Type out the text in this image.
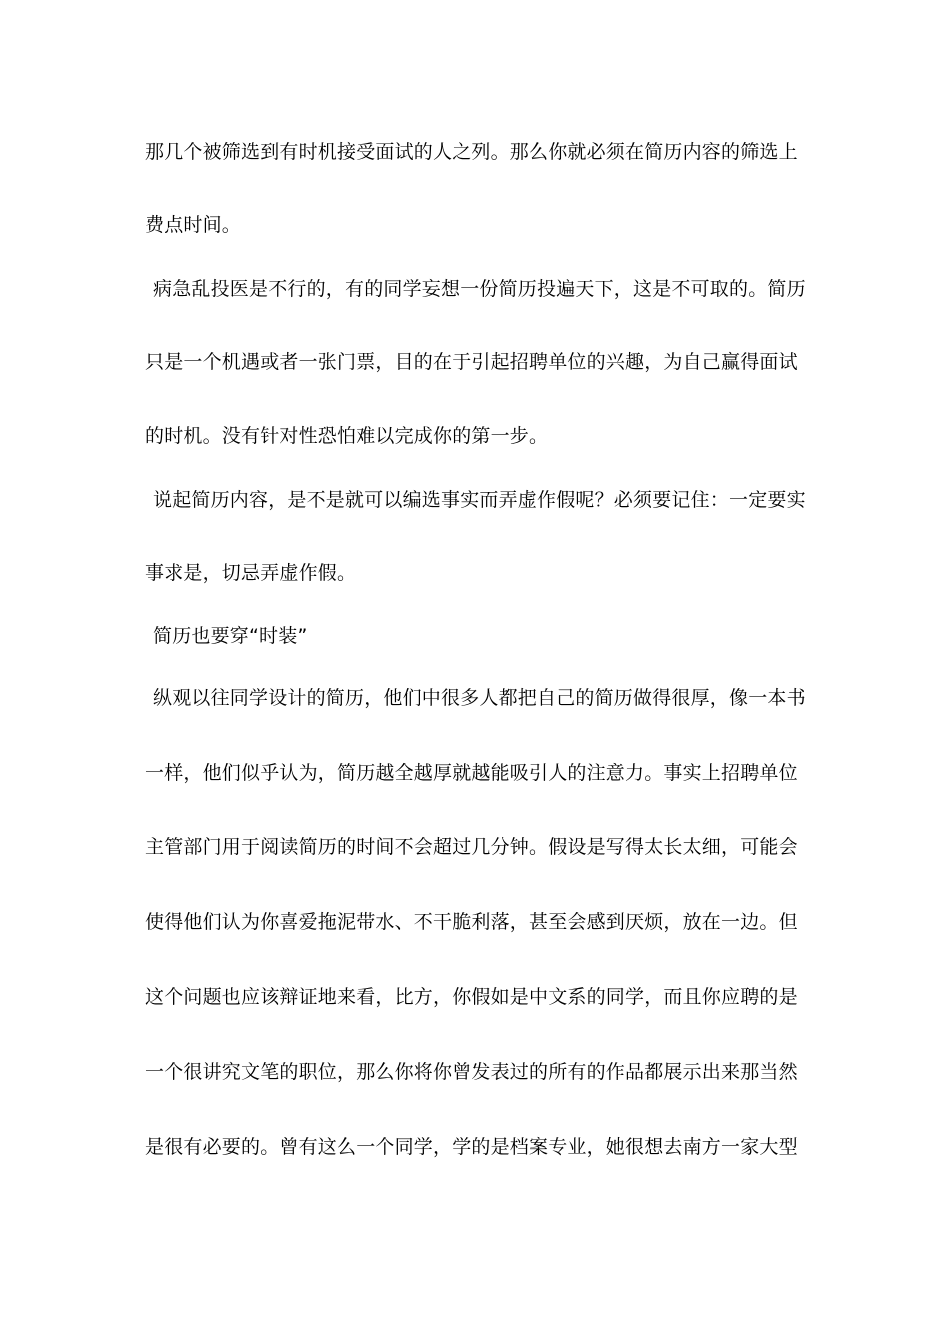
那几个被筛选到有时机接受面试的人之列。那么你就必须在简历内容的筛选上
费点时间。
病急乱投医是不行的，有的同学妄想一份简历投遍天下，这是不可取的。简历
只是一个机遇或者一张门票，目的在于引起招聘单位的兴趣，为自己赢得面试
的时机。没有针对性恐怕难以完成你的第一步。
说起简历内容，是不是就可以编选事实而弄虚作假呢？必须要记住：一定要实
事求是，切忌弄虚作假。
简历也要穿“时装”
纵观以往同学设计的简历，他们中很多人都把自己的简历做得很厚，像一本书
一样，他们似乎认为，简历越全越厚就越能吸引人的注意力。事实上招聘单位
主管部门用于阅读简历的时间不会超过几分钟。假设是写得太长太细，可能会
使得他们认为你喜爱拖泥带水、不干脆利落，甚至会感到厌烦，放在一边。但
这个问题也应该辩证地来看，比方，你假如是中文系的同学，而且你应聘的是
一个很讲究文笔的职位，那么你将你曾发表过的所有的作品都展示出来那当然
是很有必要的。曾有这么一个同学，学的是档案专业，她很想去南方一家大型
